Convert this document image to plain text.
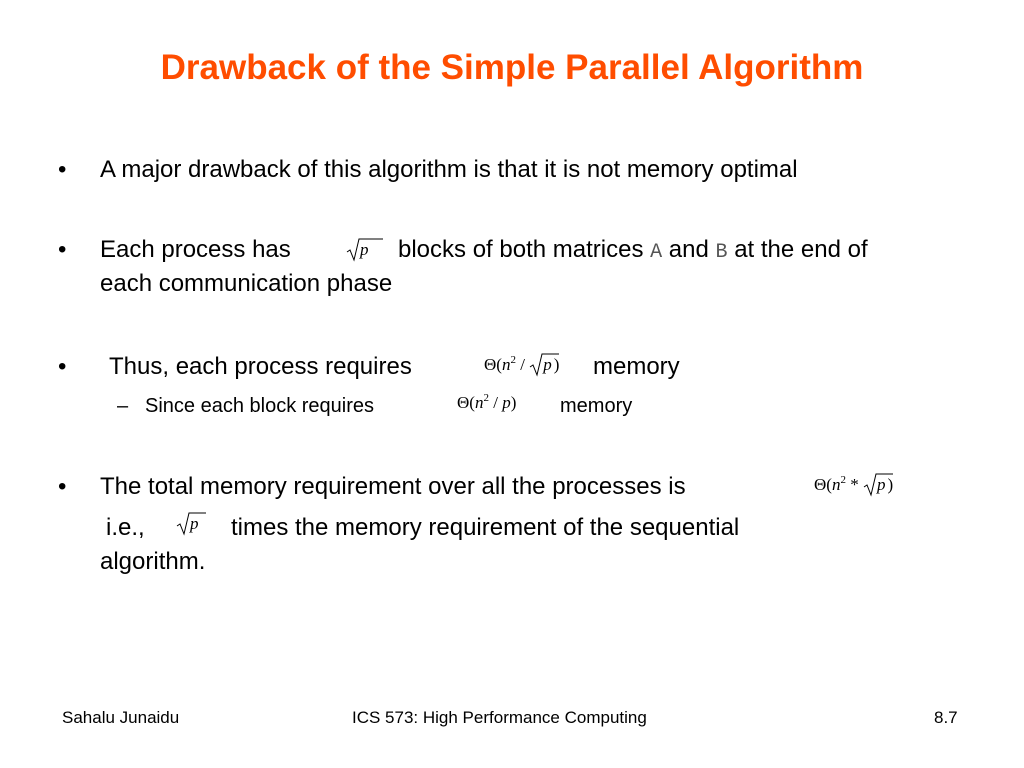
Drawback of the Simple Parallel Algorithm
• A major drawback of this algorithm is that it is not memory optimal
• Each process has	p blocks of both matrices A and B at the end of
each communication phase
• Thus, each process requires	$\Theta(n^2$ /
p ) memory
– Since each block requires	$\Theta(n^2 / p)$ memory
• The total memory requirement over all the processes is	$\Theta(n^2$ *
p )
i.e.,	p times the memory requirement of the sequential
algorithm.
Sahalu Junaidu	ICS 573: High Performance Computing	8.7
